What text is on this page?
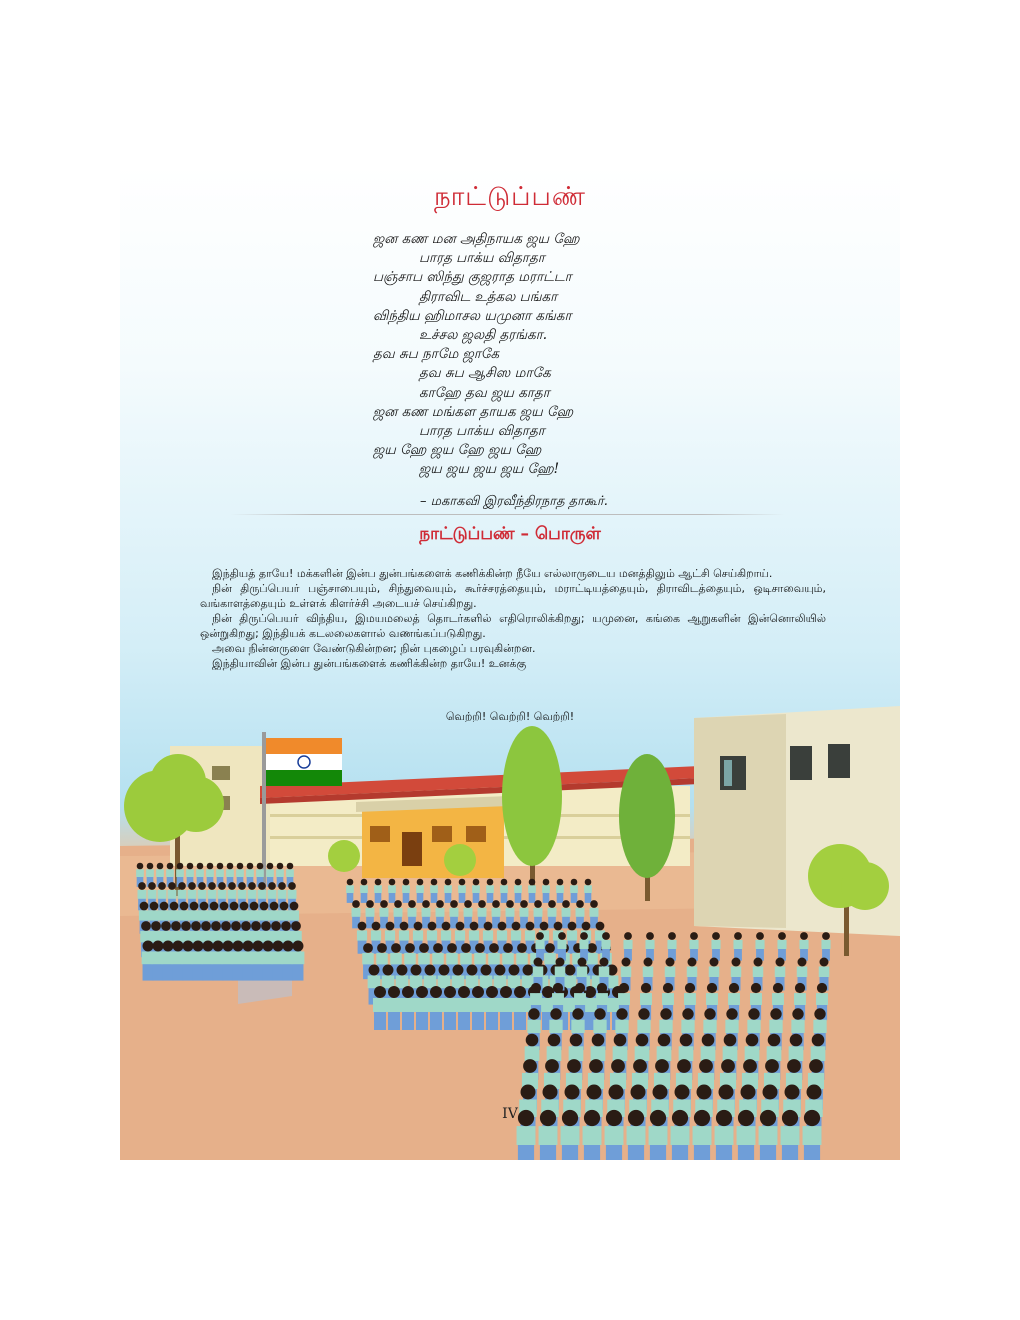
நாட்டுப்பண்
ஜன கண மன அதிநாயக ஜய ஹே
பாரத பாக்ய விதாதா
பஞ்சாப ஸிந்து குஜராத மராட்டா
திராவிட உத்கல பங்கா
விந்திய ஹிமாசல யமுனா கங்கா
உச்சல ஜலதி தரங்கா.
தவ சுப நாமே ஜாகே
தவ சுப ஆசிஸ மாகே
காஹே தவ ஜய காதா
ஜன கண மங்கள தாயக ஜய ஹே
பாரத பாக்ய விதாதா
ஜய ஹே ஜய ஹே ஜய ஹே
ஜய ஜய ஜய ஜய ஹே!
– மகாகவி இரவீந்திரநாத தாகூர்.
நாட்டுப்பண் – பொருள்

இந்தியத் தாயே! மக்களின் இன்ப துன்பங்களைக் கணிக்கின்ற நீயே எல்லாருடைய மனத்திலும் ஆட்சி செய்கிறாய்.

நின் திருப்பெயர் பஞ்சாபையும், சிந்துவையும், கூர்ச்சரத்தையும், மராட்டியத்தையும், திராவிடத்தையும், ஒடிசாவையும், வங்காளத்தையும் உள்ளக் கிளர்ச்சி அடையச் செய்கிறது.

நின் திருப்பெயர் விந்திய, இமயமலைத் தொடர்களில் எதிரொலிக்கிறது; யமுனை, கங்கை ஆறுகளின் இன்னொலியில் ஒன்றுகிறது; இந்தியக் கடலலைகளால் வணங்கப்படுகிறது.

அவை நின்னருளை வேண்டுகின்றன; நின் புகழைப் பரவுகின்றன.

இந்தியாவின் இன்ப துன்பங்களைக் கணிக்கின்ற தாயே! உனக்கு

வெற்றி! வெற்றி! வெற்றி!
IV
